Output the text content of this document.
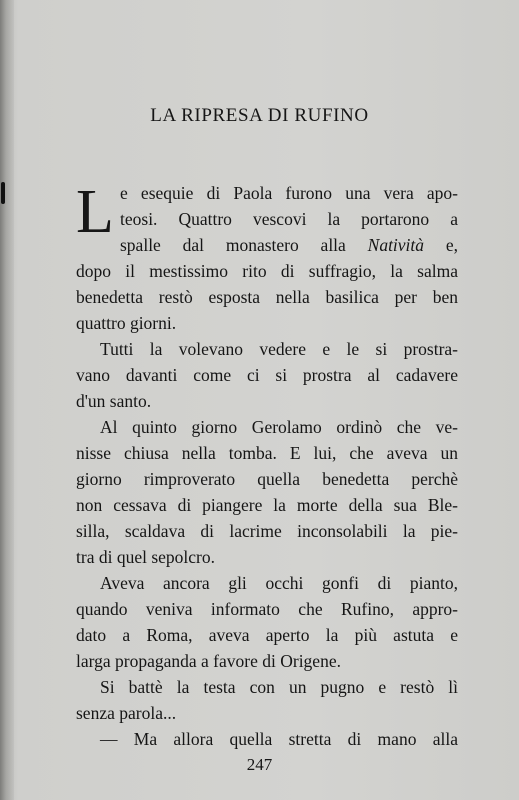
LA RIPRESA DI RUFINO
L e esequie di Paola furono una vera apo-
teosi. Quattro vescovi la portarono a
spalle dal monastero alla Natività e,
dopo il mestissimo rito di suffragio, la salma
benedetta restò esposta nella basilica per ben
quattro giorni.
Tutti la volevano vedere e le si prostra-
vano davanti come ci si prostra al cadavere
d'un santo.
Al quinto giorno Gerolamo ordinò che ve-
nisse chiusa nella tomba. E lui, che aveva un
giorno rimproverato quella benedetta perchè
non cessava di piangere la morte della sua Ble-
silla, scaldava di lacrime inconsolabili la pie-
tra di quel sepolcro.
Aveva ancora gli occhi gonfi di pianto,
quando veniva informato che Rufino, appro-
dato a Roma, aveva aperto la più astuta e
larga propaganda a favore di Origene.
Si battè la testa con un pugno e restò lì
senza parola...
— Ma allora quella stretta di mano alla
247
